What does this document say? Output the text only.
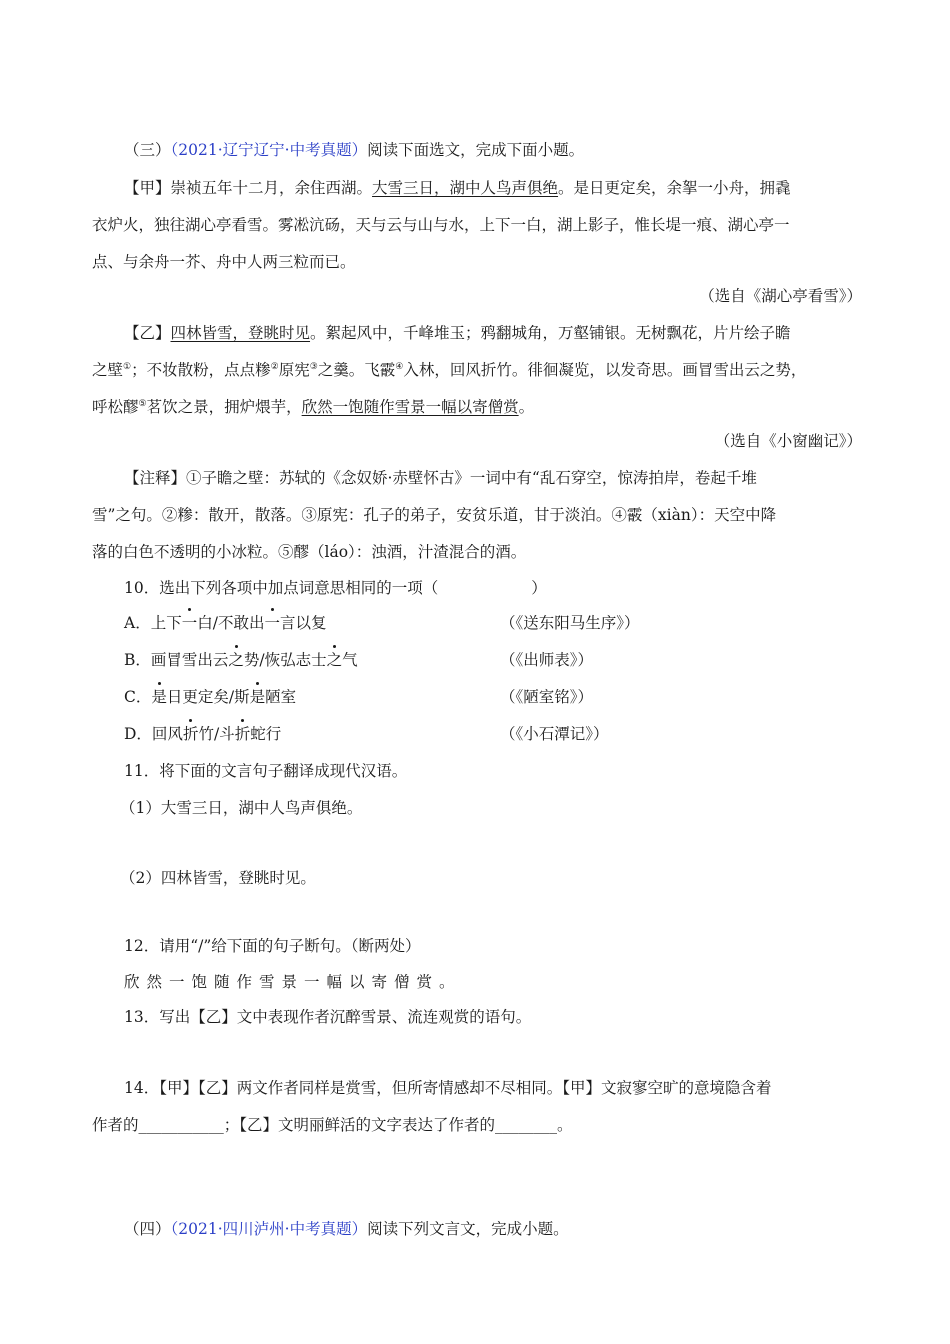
（三）（2021·辽宁辽宁·中考真题）阅读下面选文，完成下面小题。
【甲】崇祯五年十二月，余住西湖。大雪三日，湖中人鸟声俱绝。是日更定矣，余挐一小舟，拥毳
衣炉火，独往湖心亭看雪。雾凇沆砀，天与云与山与水，上下一白，湖上影子，惟长堤一痕、湖心亭一
点、与余舟一芥、舟中人两三粒而已。
（选自《湖心亭看雪》）
【乙】四林皆雪，登眺时见。絮起风中，千峰堆玉；鸦翻城角，万壑铺银。无树飘花，片片绘子瞻
之壁①；不妆散粉，点点糁②原宪③之羹。飞霰④入林，回风折竹。徘徊凝览，以发奇思。画冒雪出云之势，
呼松醪⑤茗饮之景，拥炉煨芋，欣然一饱随作雪景一幅以寄僧赏。
（选自《小窗幽记》）
【注释】①子瞻之壁：苏轼的《念奴娇·赤壁怀古》一词中有“乱石穿空，惊涛拍岸，卷起千堆
雪”之句。②糁：散开，散落。③原宪：孔子的弟子，安贫乐道，甘于淡泊。④霰（xiàn）：天空中降
落的白色不透明的小冰粒。⑤醪（láo）：浊酒，汁渣混合的酒。
10．选出下列各项中加点词意思相同的一项（　　　　　　）
A．上下一白/不敢出一言以复	（《送东阳马生序》）
B．画冒雪出云之势/恢弘志士之气	（《出师表》）
C．是日更定矣/斯是陋室	（《陋室铭》）
D．回风折竹/斗折蛇行	（《小石潭记》）
11．将下面的文言句子翻译成现代汉语。
（1）大雪三日，湖中人鸟声俱绝。
（2）四林皆雪，登眺时见。
12．请用“/”给下面的句子断句。（断两处）
欣然一饱随作雪景一幅以寄僧赏。
13．写出【乙】文中表现作者沉醉雪景、流连观赏的语句。
14．【甲】【乙】两文作者同样是赏雪，但所寄情感却不尽相同。【甲】文寂寥空旷的意境隐含着
作者的___________；【乙】文明丽鲜活的文字表达了作者的________。
（四）（2021·四川泸州·中考真题）阅读下列文言文，完成小题。
